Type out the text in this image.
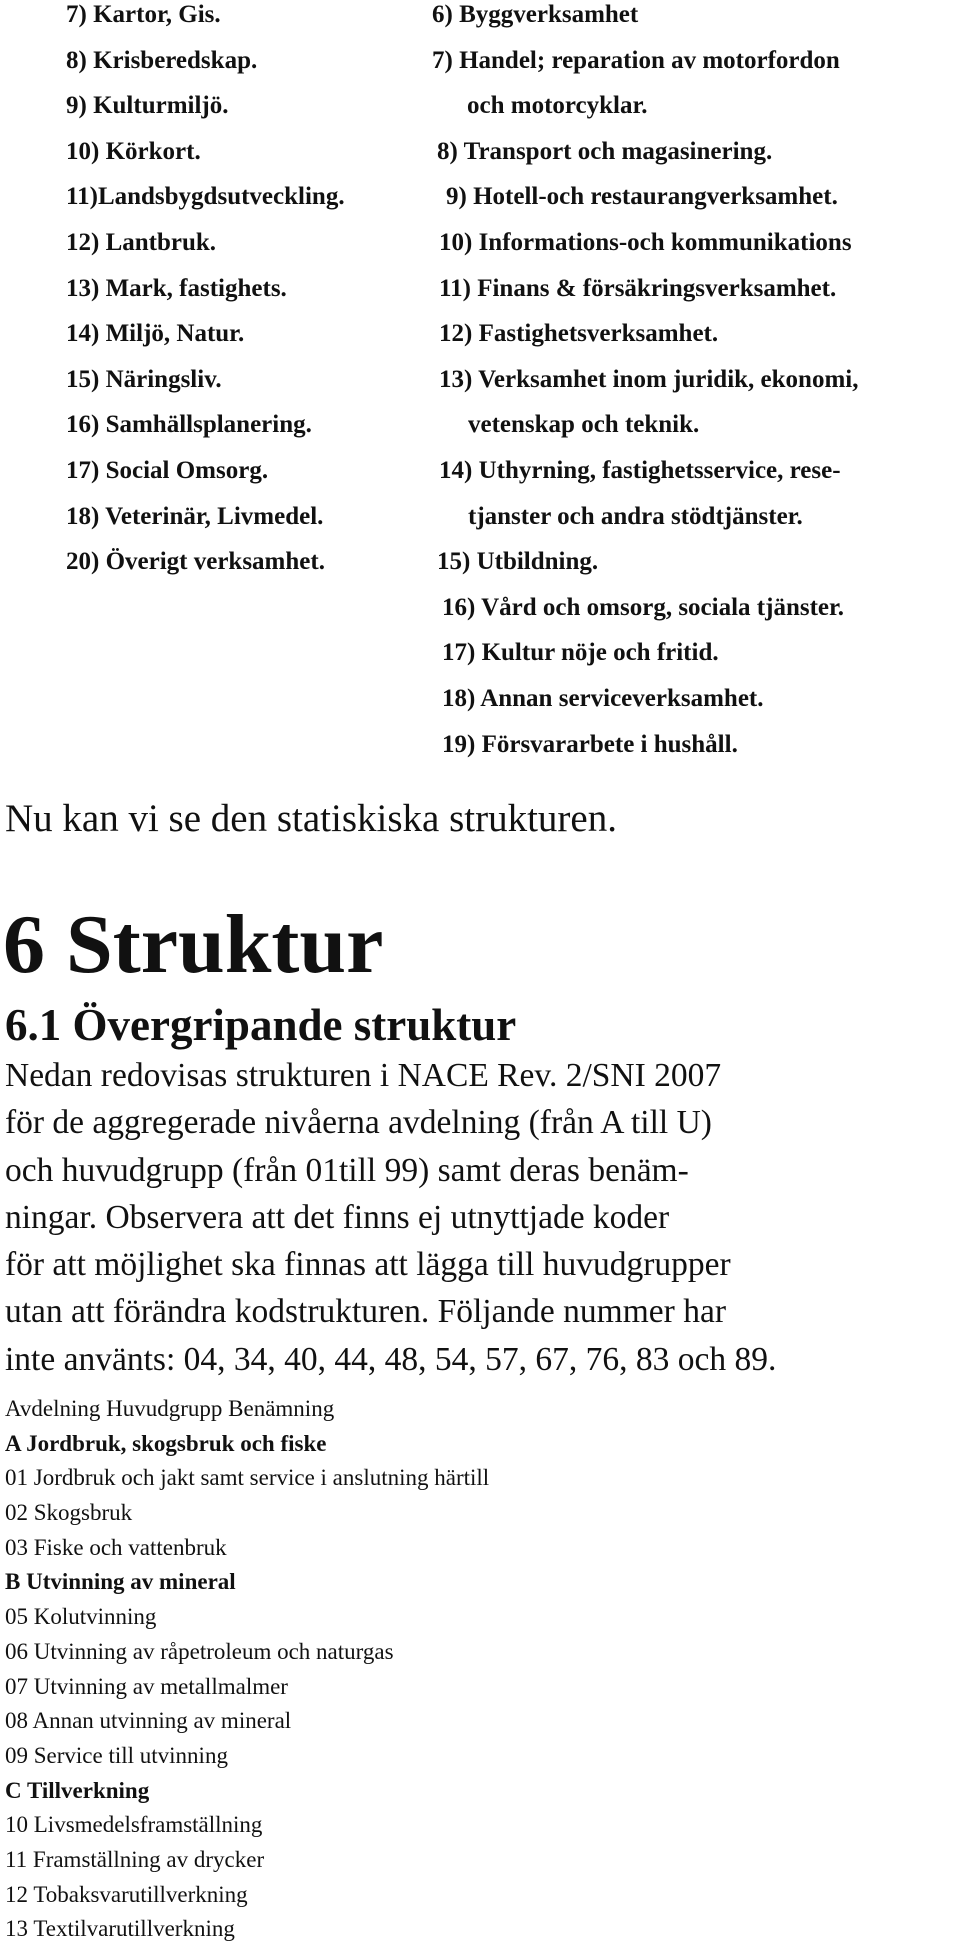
7) Kartor, Gis.
8) Krisberedskap.
9) Kulturmiljö.
10) Körkort.
11)Landsbygdsutveckling.
12) Lantbruk.
13) Mark, fastighets.
14) Miljö, Natur.
15) Näringsliv.
16) Samhällsplanering.
17) Social Omsorg.
18) Veterinär, Livmedel.
20) Överigt verksamhet.
6) Byggverksamhet
7) Handel; reparation av motorfordon
och motorcyklar.
8) Transport och magasinering.
9) Hotell-och restaurangverksamhet.
10) Informations-och kommunikations
11) Finans & försäkringsverksamhet.
12) Fastighetsverksamhet.
13) Verksamhet inom juridik, ekonomi,
vetenskap och teknik.
14) Uthyrning, fastighetsservice, rese-
tjanster och andra stödtjänster.
15) Utbildning.
16) Vård och omsorg, sociala tjänster.
17) Kultur nöje och fritid.
18) Annan serviceverksamhet.
19) Försvararbete i hushåll.
Nu kan vi se den statiskiska strukturen.
6 Struktur
6.1 Övergripande struktur
Nedan redovisas strukturen i NACE Rev. 2/SNI 2007
för de aggregerade nivåerna avdelning (från A till U)
och huvudgrupp (från 01till 99) samt deras benäm-
ningar. Observera att det finns ej utnyttjade koder
för att möjlighet ska finnas att lägga till huvudgrupper
utan att förändra kodstrukturen. Följande nummer har
inte använts: 04, 34, 40, 44, 48, 54, 57, 67, 76, 83 och 89.
Avdelning Huvudgrupp Benämning
A Jordbruk, skogsbruk och fiske
01 Jordbruk och jakt samt service i anslutning härtill
02 Skogsbruk
03 Fiske och vattenbruk
B Utvinning av mineral
05 Kolutvinning
06 Utvinning av råpetroleum och naturgas
07 Utvinning av metallmalmer
08 Annan utvinning av mineral
09 Service till utvinning
C Tillverkning
10 Livsmedelsframställning
11 Framställning av drycker
12 Tobaksvarutillverkning
13 Textilvarutillverkning
